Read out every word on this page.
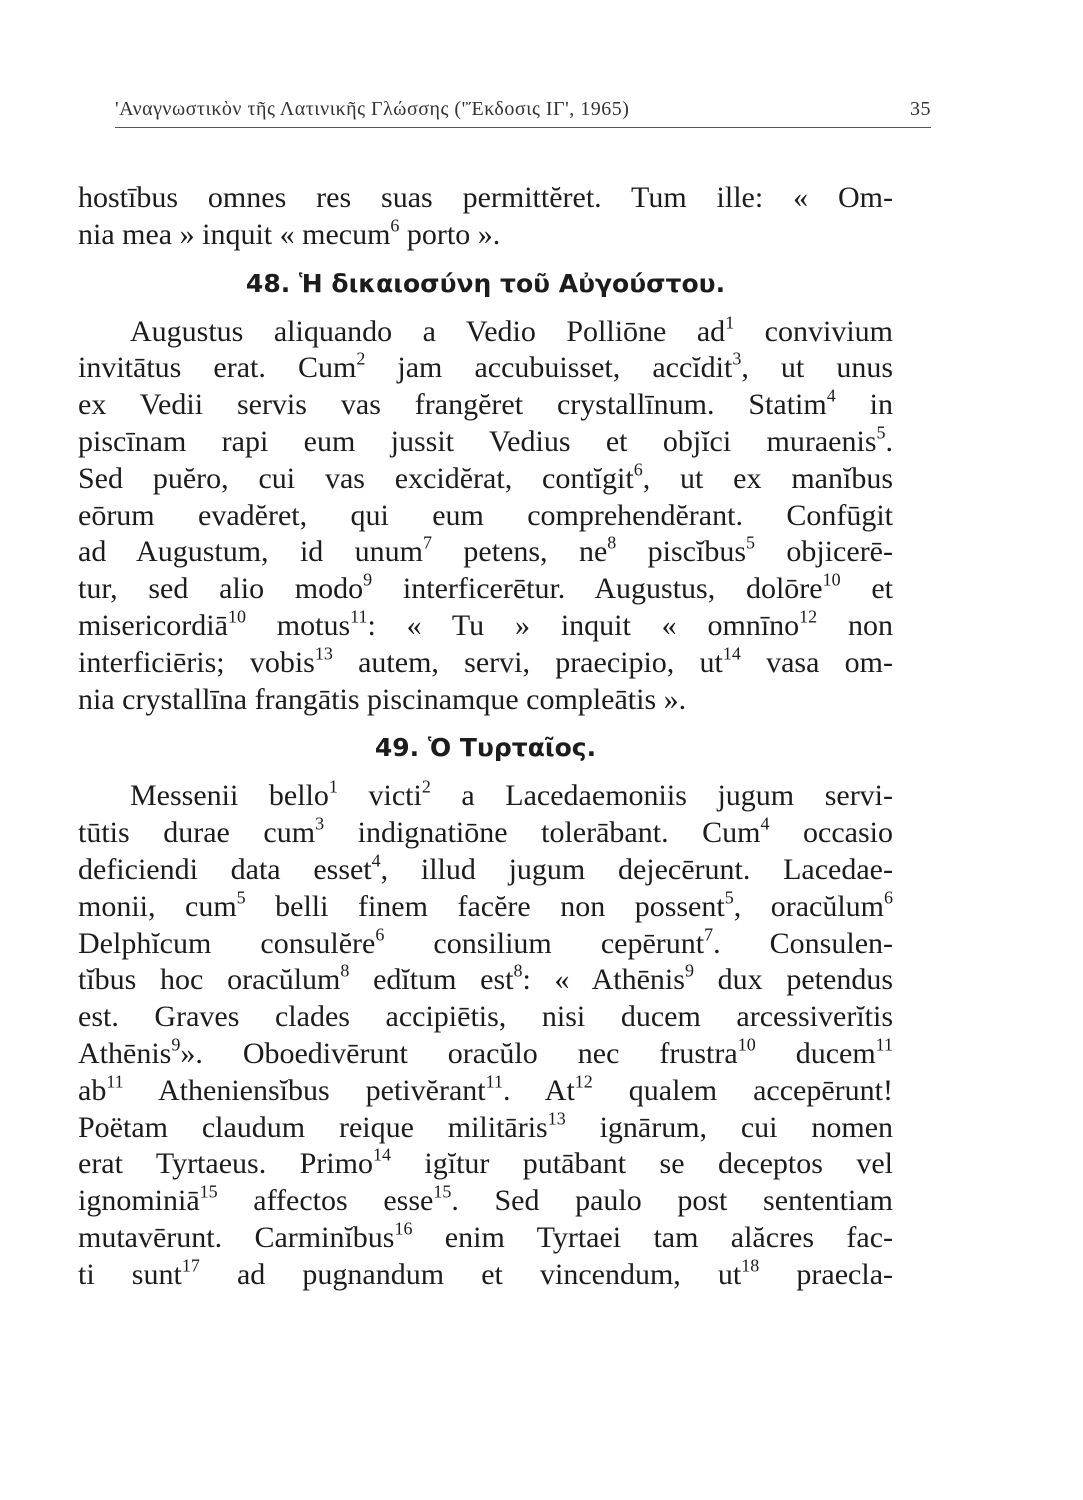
'Αναγνωστικὸν τῆς Λατινικῆς Γλώσσης ('Ἔκδοσις ΙΓ', 1965)	35
hostībus omnes res suas permittĕret. Tum ille: « Om-
nia mea » inquit « mecum$^6$ porto ».
48. Ἡ δικαιοσύνη τοῦ Αὐγούστου.
Augustus aliquando a Vedio Polliōne $ad^1$ convivium
invitātus erat. Cum$^2$ jam accubuisset, accĭdit$^3$, ut unus
ex Vedii servis vas frangĕret crystallīnum. Statim$^4$ in
piscīnam rapi eum jussit Vedius et objĭci muraenis$^5$.
Sed puĕro, cui vas excidĕrat, contĭgit$^6$, ut ex manĭbus
eōrum evadĕret, qui eum comprehendĕrant. Confūgit
ad Augustum, id unum$^7$ petens, $ne^8$ piscĭbus$^5$ objicerē-
tur, sed alio modo$^9$ interficerētur. Augustus, dolōre$^{10}$ et
misericordiā$^{10}$ motus$^{11}$: « Tu » inquit « omnīno$^{12}$ non
interficiēris; vobis$^{13}$ autem, servi, praecipio, $ut^{14}$ vasa om-
nia crystallīna frangātis piscinamque compleātis ».
49. Ὁ Τυρταῖος.
Messenii bello$^1$ victi$^2$ a Lacedaemoniis jugum servi-
tūtis durae cum$^3$ indignatiōne tolerābant. Cum$^4$ occasio
deficiendi data esset$^4$, illud jugum dejecērunt. Lacedae-
monii, cum$^5$ belli finem facĕre non possent$^5$, oracŭlum$^6$
Delphĭcum consulĕre$^6$ consilium cepērunt$^7$. Consulen-
tĭbus hoc oracŭlum$^8$ edĭtum est$^8$: « Athēnis$^9$ dux petendus
est. Graves clades accipiētis, nisi ducem arcessiverĭtis
Athēnis$^9$». Oboedivērunt oracŭlo nec frustra$^{10}$ ducem$^{11}$
$ab^{11}$ Atheniensĭbus petivĕrant$^{11}$. At$^{12}$ qualem accepērunt!
Poëtam claudum reique militāris$^{13}$ ignārum, cui nomen
erat Tyrtaeus. Primo$^{14}$ igĭtur putābant se deceptos vel
ignominiā$^{15}$ affectos esse$^{15}$. Sed paulo post sententiam
mutavērunt. Carminĭbus$^{16}$ enim Tyrtaei tam alăcres fac-
ti sunt$^{17}$ ad pugnandum et vincendum, $ut^{18}$ praecla-
